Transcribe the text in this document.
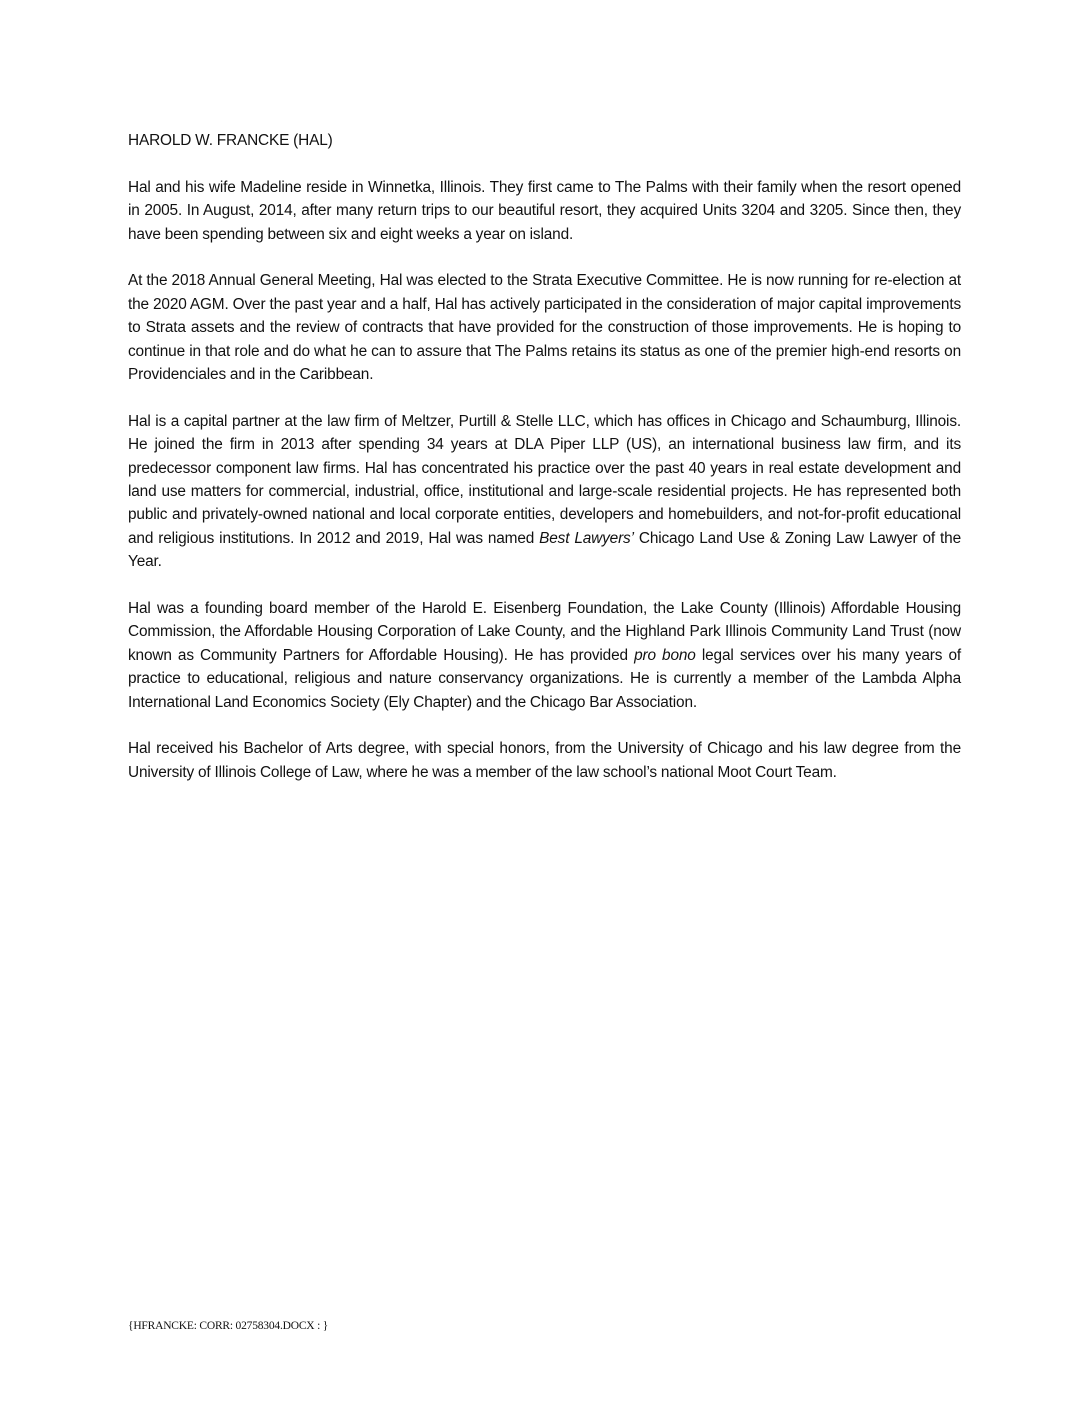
HAROLD W. FRANCKE (HAL)

Hal and his wife Madeline reside in Winnetka, Illinois. They first came to The Palms with their family when the resort opened in 2005. In August, 2014, after many return trips to our beautiful resort, they acquired Units 3204 and 3205. Since then, they have been spending between six and eight weeks a year on island.

At the 2018 Annual General Meeting, Hal was elected to the Strata Executive Committee. He is now running for re-election at the 2020 AGM. Over the past year and a half, Hal has actively participated in the consideration of major capital improvements to Strata assets and the review of contracts that have provided for the construction of those improvements. He is hoping to continue in that role and do what he can to assure that The Palms retains its status as one of the premier high-end resorts on Providenciales and in the Caribbean.

Hal is a capital partner at the law firm of Meltzer, Purtill & Stelle LLC, which has offices in Chicago and Schaumburg, Illinois. He joined the firm in 2013 after spending 34 years at DLA Piper LLP (US), an international business law firm, and its predecessor component law firms. Hal has concentrated his practice over the past 40 years in real estate development and land use matters for commercial, industrial, office, institutional and large-scale residential projects. He has represented both public and privately-owned national and local corporate entities, developers and homebuilders, and not-for-profit educational and religious institutions. In 2012 and 2019, Hal was named Best Lawyers’ Chicago Land Use & Zoning Law Lawyer of the Year.

Hal was a founding board member of the Harold E. Eisenberg Foundation, the Lake County (Illinois) Affordable Housing Commission, the Affordable Housing Corporation of Lake County, and the Highland Park Illinois Community Land Trust (now known as Community Partners for Affordable Housing). He has provided pro bono legal services over his many years of practice to educational, religious and nature conservancy organizations. He is currently a member of the Lambda Alpha International Land Economics Society (Ely Chapter) and the Chicago Bar Association.

Hal received his Bachelor of Arts degree, with special honors, from the University of Chicago and his law degree from the University of Illinois College of Law, where he was a member of the law school’s national Moot Court Team.

{HFRANCKE: CORR: 02758304.DOCX : }
